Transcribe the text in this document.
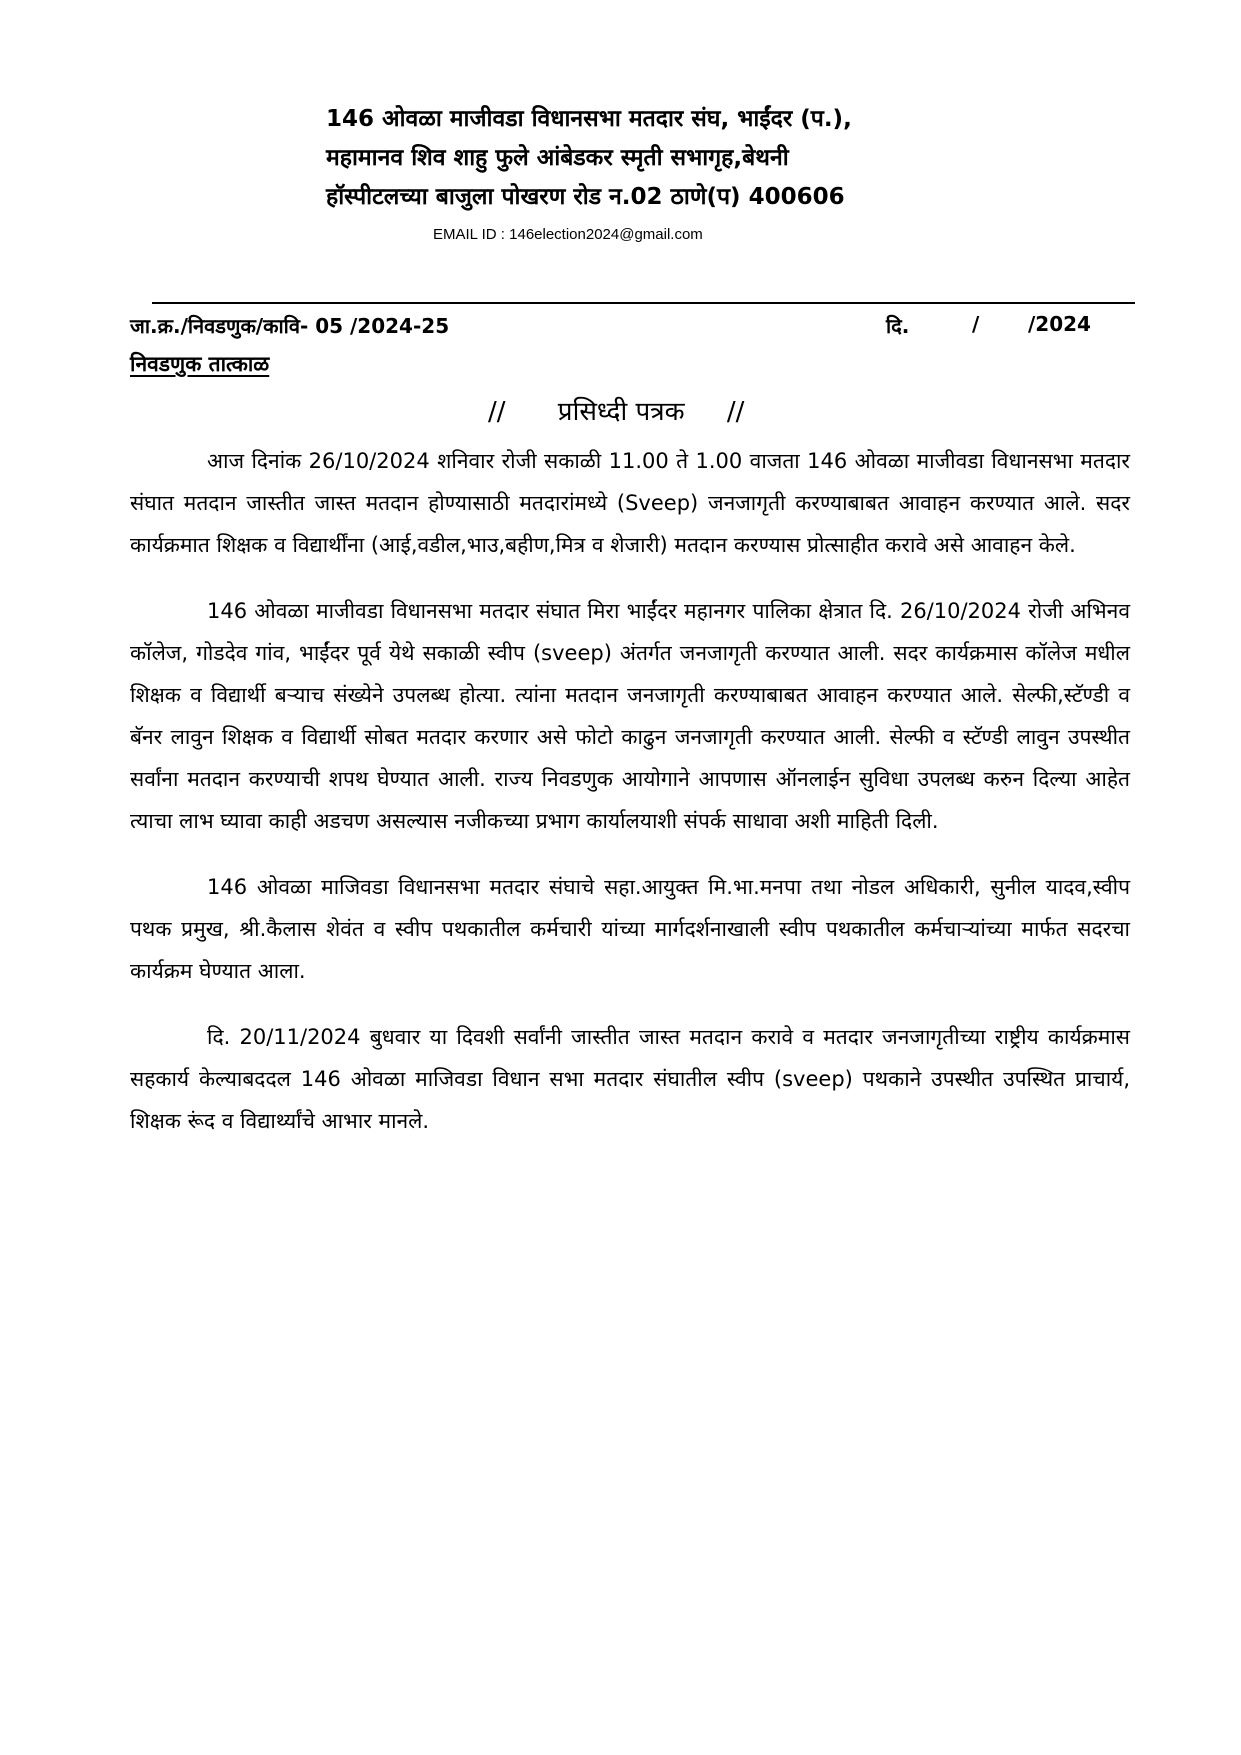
146 ओवळा माजीवडा विधानसभा मतदार संघ, भाईंदर (प.),
महामानव शिव शाहु फुले आंबेडकर स्मृती सभागृह,बेथनी
हॉस्पीटलच्या बाजुला पोखरण रोड न.02 ठाणे(प) 400606
EMAIL ID : 146election2024@gmail.com
जा.क्र./निवडणुक/कावि- 05 /2024-25	दि.	/ /2024
निवडणुक तात्काळ
// प्रसिध्दी पत्रक //

आज दिनांक 26/10/2024 शनिवार रोजी सकाळी 11.00 ते 1.00 वाजता 146 ओवळा माजीवडा विधानसभा मतदार संघात मतदान जास्तीत जास्त मतदान होण्यासाठी मतदारांमध्ये (Sveep) जनजागृती करण्याबाबत आवाहन करण्यात आले. सदर कार्यक्रमात शिक्षक व विद्यार्थींना (आई,वडील,भाउ,बहीण,मित्र व शेजारी) मतदान करण्यास प्रोत्साहीत करावे असे आवाहन केले.

146 ओवळा माजीवडा विधानसभा मतदार संघात मिरा भाईंदर महानगर पालिका क्षेत्रात दि. 26/10/2024 रोजी अभिनव कॉलेज, गोडदेव गांव, भाईंदर पूर्व येथे सकाळी स्वीप (sveep) अंतर्गत जनजागृती करण्यात आली. सदर कार्यक्रमास कॉलेज मधील शिक्षक व विद्यार्थी बऱ्याच संख्येने उपलब्ध होत्या. त्यांना मतदान जनजागृती करण्याबाबत आवाहन करण्यात आले. सेल्फी,स्टॅण्डी व बॅनर लावुन शिक्षक व विद्यार्थी सोबत मतदार करणार असे फोटो काढुन जनजागृती करण्यात आली. सेल्फी व स्टॅण्डी लावुन उपस्थीत सर्वांना मतदान करण्याची शपथ घेण्यात आली. राज्य निवडणुक आयोगाने आपणास ऑनलाईन सुविधा उपलब्ध करुन दिल्या आहेत त्याचा लाभ घ्यावा काही अडचण असल्यास नजीकच्या प्रभाग कार्यालयाशी संपर्क साधावा अशी माहिती दिली.

146 ओवळा माजिवडा विधानसभा मतदार संघाचे सहा.आयुक्त मि.भा.मनपा तथा नोडल अधिकारी, सुनील यादव,स्वीप पथक प्रमुख, श्री.कैलास शेवंत व स्वीप पथकातील कर्मचारी यांच्या मार्गदर्शनाखाली स्वीप पथकातील कर्मचाऱ्यांच्या मार्फत सदरचा कार्यक्रम घेण्यात आला.

दि. 20/11/2024 बुधवार या दिवशी सर्वांनी जास्तीत जास्त मतदान करावे व मतदार जनजागृतीच्या राष्ट्रीय कार्यक्रमास सहकार्य केल्याबददल 146 ओवळा माजिवडा विधान सभा मतदार संघातील स्वीप (sveep) पथकाने उपस्थीत उपस्थित प्राचार्य, शिक्षक रूंद व विद्यार्थ्यांचे आभार मानले.
